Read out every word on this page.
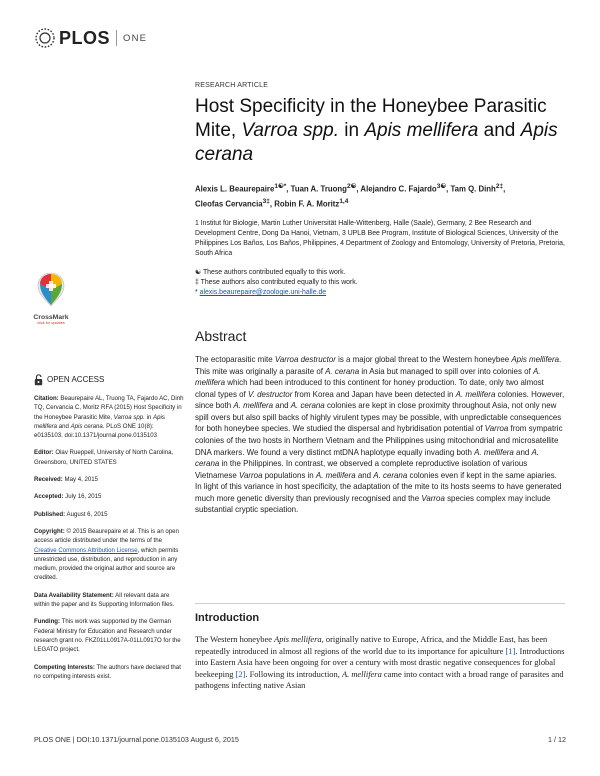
PLOS ONE
CrossMark
click for updates
OPEN ACCESS
Citation: Beaurepaire AL, Truong TA, Fajardo AC, Dinh TQ, Cervancia C, Moritz RFA (2015) Host Specificity in the Honeybee Parasitic Mite, Varroa spp. in Apis mellifera and Apis cerana. PLoS ONE 10(8): e0135103. doi:10.1371/journal.pone.0135103
Editor: Olav Rueppell, University of North Carolina, Greensboro, UNITED STATES
Received: May 4, 2015
Accepted: July 16, 2015
Published: August 6, 2015
Copyright: © 2015 Beaurepaire et al. This is an open access article distributed under the terms of the Creative Commons Attribution License, which permits unrestricted use, distribution, and reproduction in any medium, provided the original author and source are credited.
Data Availability Statement: All relevant data are within the paper and its Supporting Information files.
Funding: This work was supported by the German Federal Ministry for Education and Research under research grant no. FKZ01LL0917A-01LL0917O for the LEGATO project.
Competing Interests: The authors have declared that no competing interests exist.
RESEARCH ARTICLE
Host Specificity in the Honeybee Parasitic Mite, Varroa spp. in Apis mellifera and Apis cerana
Alexis L. Beaurepaire$^{1☯*}$, Tuan A. Truong$^{2☯}$, Alejandro C. Fajardo$^{3☯}$, Tam Q. Dinh$^{2\ddagger}$,
Cleofas Cervancia$^{3\ddagger}$, Robin F. A. Moritz$^{1,4}$
1 Institut für Biologie, Martin Luther Universität Halle-Wittenberg, Halle (Saale), Germany, 2 Bee Research and Development Centre, Dong Da Hanoi, Vietnam, 3 UPLB Bee Program, Institute of Biological Sciences, University of the Philippines Los Baños, Los Baños, Philippines, 4 Department of Zoology and Entomology, University of Pretoria, Pretoria, South Africa
☯ These authors contributed equally to this work.
‡ These authors also contributed equally to this work.
* alexis.beaurepaire@zoologie.uni-halle.de
Abstract

The ectoparasitic mite Varroa destructor is a major global threat to the Western honeybee Apis mellifera. This mite was originally a parasite of A. cerana in Asia but managed to spill over into colonies of A. mellifera which had been introduced to this continent for honey production. To date, only two almost clonal types of V. destructor from Korea and Japan have been detected in A. mellifera colonies. However, since both A. mellifera and A. cerana colonies are kept in close proximity throughout Asia, not only new spill overs but also spill backs of highly virulent types may be possible, with unpredictable consequences for both honeybee species. We studied the dispersal and hybridisation potential of Varroa from sympatric colonies of the two hosts in Northern Vietnam and the Philippines using mitochondrial and microsatellite DNA markers. We found a very distinct mtDNA haplotype equally invading both A. mellifera and A. cerana in the Philippines. In contrast, we observed a complete reproductive isolation of various Vietnamese Varroa populations in A. mellifera and A. cerana colonies even if kept in the same apiaries. In light of this variance in host specificity, the adaptation of the mite to its hosts seems to have generated much more genetic diversity than previously recognised and the Varroa species complex may include substantial cryptic speciation.

Introduction

The Western honeybee Apis mellifera, originally native to Europe, Africa, and the Middle East, has been repeatedly introduced in almost all regions of the world due to its importance for apiculture [1]. Introductions into Eastern Asia have been ongoing for over a century with most drastic negative consequences for global beekeeping [2]. Following its introduction, A. mellifera came into contact with a broad range of parasites and pathogens infecting native Asian

PLOS ONE | DOI:10.1371/journal.pone.0135103 August 6, 2015	1 / 12
